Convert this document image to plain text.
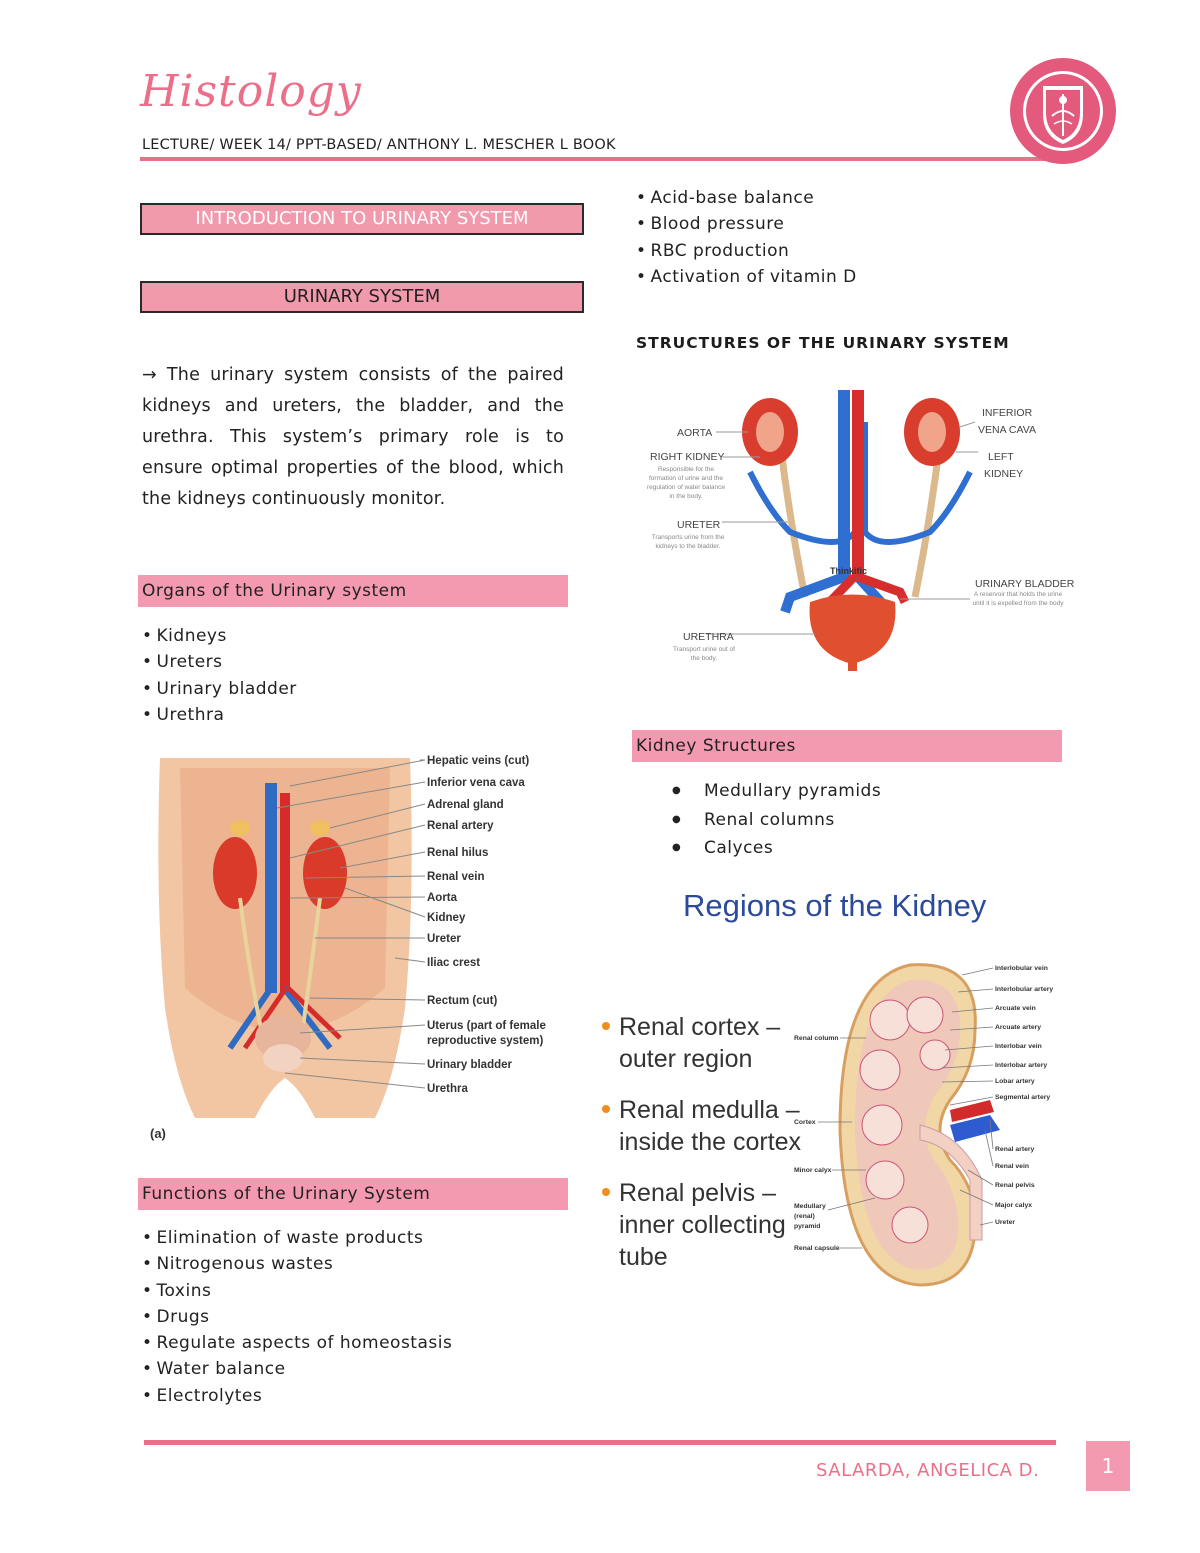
Histology
LECTURE/ WEEK 14/ PPT-BASED/ ANTHONY L. MESCHER L BOOK
INTRODUCTION TO URINARY SYSTEM
URINARY SYSTEM
→ The urinary system consists of the paired kidneys and ureters, the bladder, and the urethra. This system’s primary role is to ensure optimal properties of the blood, which the kidneys continuously monitor.
Organs of the Urinary system
• Kidneys
• Ureters
• Urinary bladder
• Urethra
Hepatic veins (cut)
Inferior vena cava
Adrenal gland
Renal artery
Renal hilus
Renal vein
Aorta
Kidney
Ureter
Iliac crest
Rectum (cut)
Uterus (part of female
reproductive system)
Urinary bladder
Urethra
(a)
Functions of the Urinary System
• Elimination of waste products
• Nitrogenous wastes
• Toxins
• Drugs
• Regulate aspects of homeostasis
• Water balance
• Electrolytes
• Acid-base balance
• Blood pressure
• RBC production
• Activation of vitamin D
STRUCTURES OF THE URINARY SYSTEM
Thinkific
AORTA
RIGHT KIDNEY
URETER
URETHRA
INFERIOR
VENA CAVA
LEFT
KIDNEY
URINARY BLADDER
Responsible for the
formation of urine and the
regulation of water balance
in the body.
Transports urine from the
kidneys to the bladder.
Transport urine out of
the body.
A reservoir that holds the urine
until it is expelled from the body
Kidney Structures
● Medullary pyramids
● Renal columns
● Calyces
Regions of the Kidney
Renal cortex –
outer region
Renal medulla –
inside the cortex
Renal pelvis –
inner collecting
tube
Interlobular vein
Interlobular artery
Arcuate vein
Arcuate artery
Interlobar vein
Interlobar artery
Lobar artery
Segmental artery
Renal artery
Renal vein
Renal pelvis
Major calyx
Ureter
Renal column
Cortex
Minor calyx
Medullary
(renal)
pyramid
Renal capsule
SALARDA, ANGELICA D.	1
